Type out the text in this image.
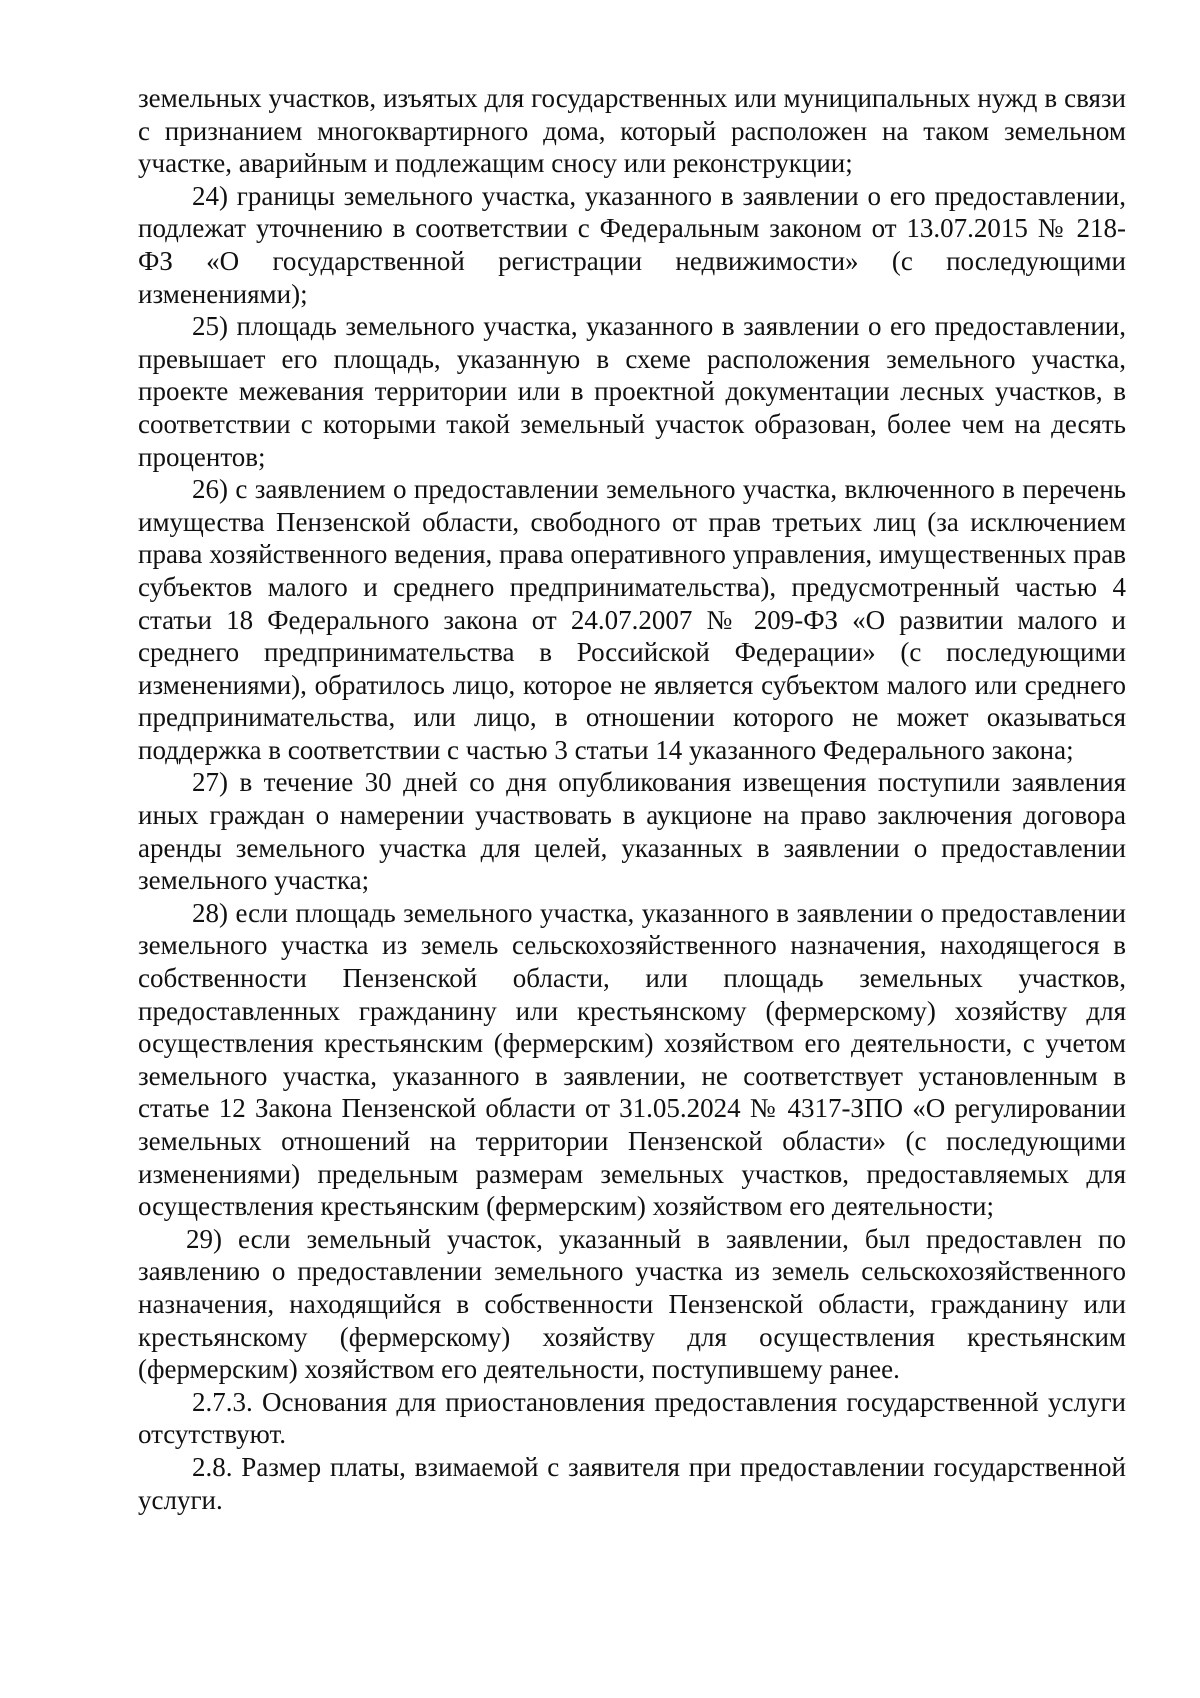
земельных участков, изъятых для государственных или муниципальных нужд в связи с признанием многоквартирного дома, который расположен на таком земельном участке, аварийным и подлежащим сносу или реконструкции;

24) границы земельного участка, указанного в заявлении о его предоставлении, подлежат уточнению в соответствии с Федеральным законом от 13.07.2015 № 218-ФЗ «О государственной регистрации недвижимости» (с последующими изменениями);

25) площадь земельного участка, указанного в заявлении о его предоставлении, превышает его площадь, указанную в схеме расположения земельного участка, проекте межевания территории или в проектной документации лесных участков, в соответствии с которыми такой земельный участок образован, более чем на десять процентов;

26) с заявлением о предоставлении земельного участка, включенного в перечень имущества Пензенской области, свободного от прав третьих лиц (за исключением права хозяйственного ведения, права оперативного управления, имущественных прав субъектов малого и среднего предпринимательства), предусмотренный частью 4 статьи 18 Федерального закона от 24.07.2007 № 209-ФЗ «О развитии малого и среднего предпринимательства в Российской Федерации» (с последующими изменениями), обратилось лицо, которое не является субъектом малого или среднего предпринимательства, или лицо, в отношении которого не может оказываться поддержка в соответствии с частью 3 статьи 14 указанного Федерального закона;

27) в течение 30 дней со дня опубликования извещения поступили заявления иных граждан о намерении участвовать в аукционе на право заключения договора аренды земельного участка для целей, указанных в заявлении о предоставлении земельного участка;

28) если площадь земельного участка, указанного в заявлении о предоставлении земельного участка из земель сельскохозяйственного назначения, находящегося в собственности Пензенской области, или площадь земельных участков, предоставленных гражданину или крестьянскому (фермерскому) хозяйству для осуществления крестьянским (фермерским) хозяйством его деятельности, с учетом земельного участка, указанного в заявлении, не соответствует установленным в статье 12 Закона Пензенской области от 31.05.2024 № 4317-ЗПО «О регулировании земельных отношений на территории Пензенской области» (с последующими изменениями) предельным размерам земельных участков, предоставляемых для осуществления крестьянским (фермерским) хозяйством его деятельности;

29) если земельный участок, указанный в заявлении, был предоставлен по заявлению о предоставлении земельного участка из земель сельскохозяйственного назначения, находящийся в собственности Пензенской области, гражданину или крестьянскому (фермерскому) хозяйству для осуществления крестьянским (фермерским) хозяйством его деятельности, поступившему ранее.

2.7.3. Основания для приостановления предоставления государственной услуги отсутствуют.

2.8. Размер платы, взимаемой с заявителя при предоставлении государственной услуги.
